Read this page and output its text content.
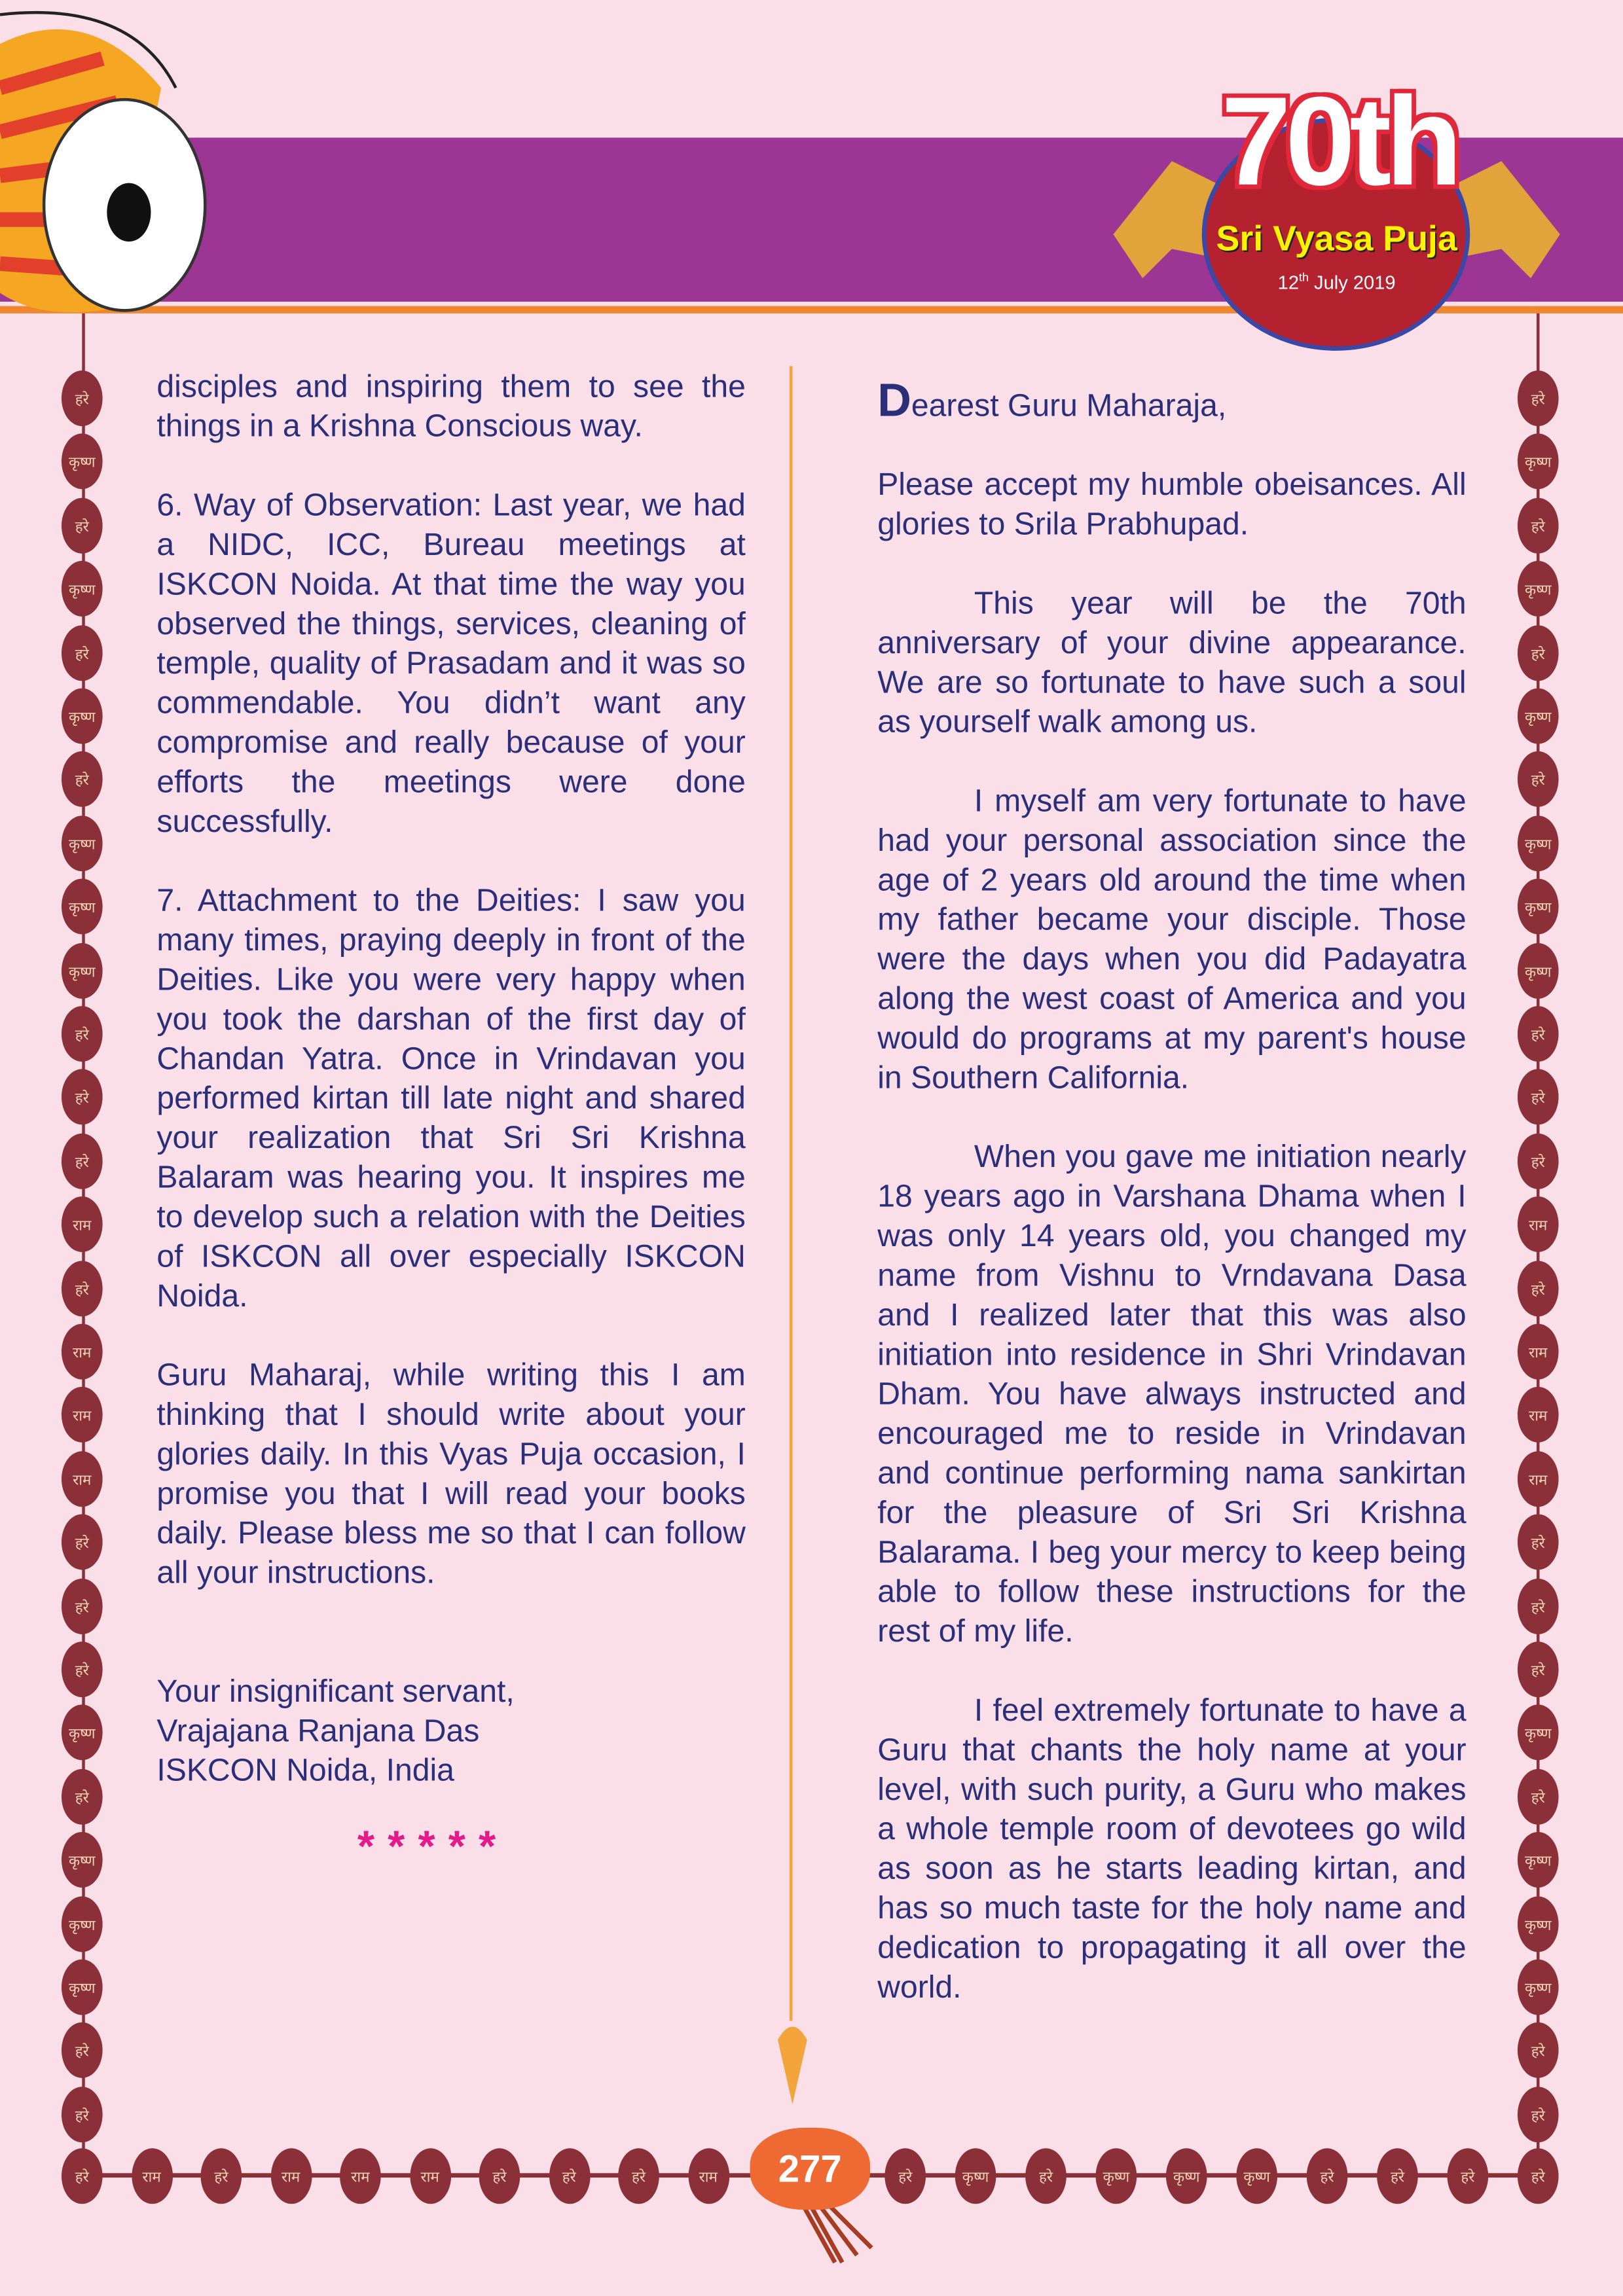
70th
Sri Vyasa Puja
12th July 2019

disciples and inspiring them to see the things in a Krishna Conscious way.

6. Way of Observation: Last year, we had a NIDC, ICC, Bureau meetings at ISKCON Noida. At that time the way you observed the things, services, cleaning of temple, quality of Prasadam and it was so commendable. You didn’t want any compromise and really because of your efforts the meetings were done successfully.

7. Attachment to the Deities: I saw you many times, praying deeply in front of the Deities. Like you were very happy when you took the darshan of the first day of Chandan Yatra. Once in Vrindavan you performed kirtan till late night and shared your realization that Sri Sri Krishna Balaram was hearing you. It inspires me to develop such a relation with the Deities of ISKCON all over especially ISKCON Noida.

Guru Maharaj, while writing this I am thinking that I should write about your glories daily. In this Vyas Puja occasion, I promise you that I will read your books daily. Please bless me so that I can follow all your instructions.

Your insignificant servant,
Vrajajana Ranjana Das
ISKCON Noida, India
*****

Dearest Guru Maharaja,

Please accept my humble obeisances. All glories to Srila Prabhupad.

This year will be the 70th anniversary of your divine appearance. We are so fortunate to have such a soul as yourself walk among us.

I myself am very fortunate to have had your personal association since the age of 2 years old around the time when my father became your disciple. Those were the days when you did Padayatra along the west coast of America and you would do programs at my parent's house in Southern California.

When you gave me initiation nearly 18 years ago in Varshana Dhama when I was only 14 years old, you changed my name from Vishnu to Vrndavana Dasa and I realized later that this was also initiation into residence in Shri Vrindavan Dham. You have always instructed and encouraged me to reside in Vrindavan and continue performing nama sankirtan for the pleasure of Sri Sri Krishna Balarama. I beg your mercy to keep being able to follow these instructions for the rest of my life.

I feel extremely fortunate to have a Guru that chants the holy name at your level, with such purity, a Guru who makes a whole temple room of devotees go wild as soon as he starts leading kirtan, and has so much taste for the holy name and dedication to propagating it all over the world.

हरे	हरे
कृष्ण	कृष्ण
हरे	हरे
कृष्ण	कृष्ण
हरे	हरे
कृष्ण	कृष्ण
हरे	हरे
कृष्ण	कृष्ण
कृष्ण	कृष्ण
कृष्ण	कृष्ण
हरे	हरे
हरे	हरे
हरे	हरे
राम	राम
हरे	हरे
राम	राम
राम	राम
राम	राम
हरे	हरे
हरे	हरे
हरे	हरे
कृष्ण	कृष्ण
हरे	हरे
कृष्ण	कृष्ण
कृष्ण	कृष्ण
कृष्ण	कृष्ण
हरे	हरे
हरे	हरे
हरे	राम	हरे	राम	राम	राम	हरे	हरे	हरे	राम	हरे	कृष्ण	हरे	कृष्ण	कृष्ण	कृष्ण	हरे	हरे	हरे	हरे
277
